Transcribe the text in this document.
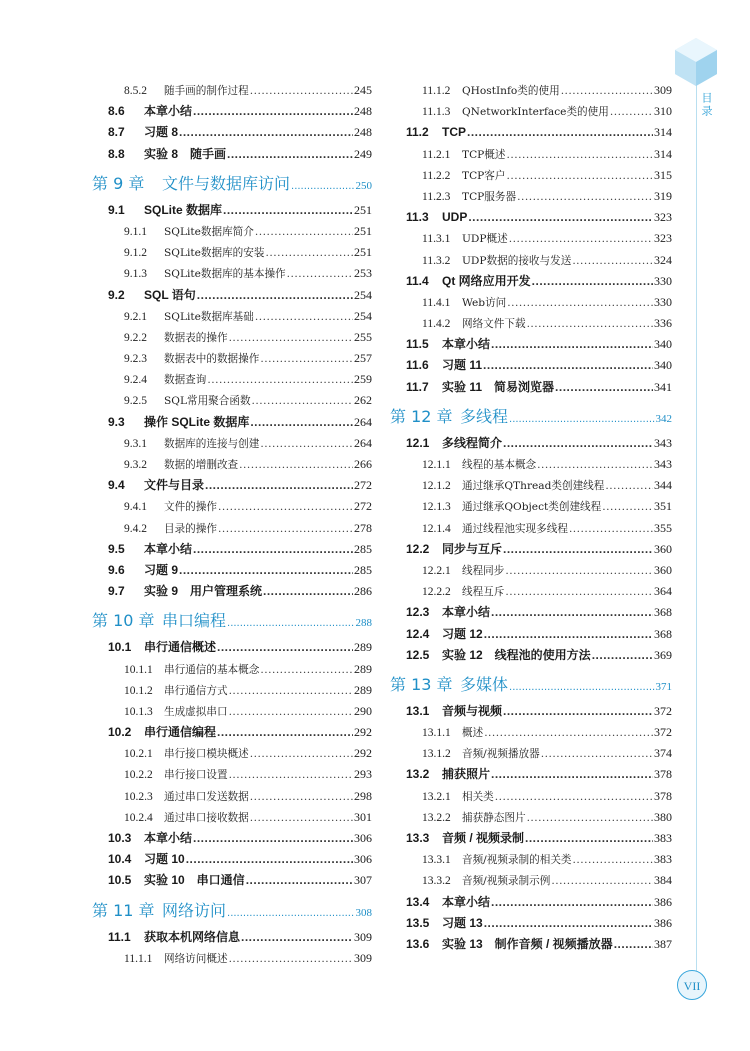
8.5.2	随手画的制作过程 .....	245
8.6	本章小结 .....	248
8.7	习题 8 .....	248
8.8	实验 8　随手画 .....	249
第 9 章	文件与数据库访问 .....	250
9.1	SQLite 数据库 .....	251
9.1.1	SQLite数据库简介 .....	251
9.1.2	SQLite数据库的安装 .....	251
9.1.3	SQLite数据库的基本操作 .....	253
9.2	SQL 语句 .....	254
9.2.1	SQLite数据库基础 .....	254
9.2.2	数据表的操作 .....	255
9.2.3	数据表中的数据操作 .....	257
9.2.4	数据查询 .....	259
9.2.5	SQL常用聚合函数 .....	262
9.3	操作 SQLite 数据库 .....	264
9.3.1	数据库的连接与创建 .....	264
9.3.2	数据的增删改查 .....	266
9.4	文件与目录 .....	272
9.4.1	文件的操作 .....	272
9.4.2	目录的操作 .....	278
9.5	本章小结 .....	285
9.6	习题 9 .....	285
9.7	实验 9　用户管理系统 .....	286
第 10 章 串口编程 .....	288
10.1	串行通信概述 .....	289
10.1.1	串行通信的基本概念 .....	289
10.1.2	串行通信方式 .....	289
10.1.3	生成虚拟串口 .....	290
10.2	串行通信编程 .....	292
10.2.1	串行接口模块概述 .....	292
10.2.2	串行接口设置 .....	293
10.2.3	通过串口发送数据 .....	298
10.2.4	通过串口接收数据 .....	301
10.3	本章小结 .....	306
10.4	习题 10 .....	306
10.5	实验 10　串口通信 .....	307
第 11 章 网络访问 .....	308
11.1	获取本机网络信息 .....	309
11.1.1	网络访问概述 .....	309
11.1.2	QHostInfo类的使用 .....	309
11.1.3	QNetworkInterface类的使用 .....	310
11.2	TCP .....	314
11.2.1	TCP概述 .....	314
11.2.2	TCP客户 .....	315
11.2.3	TCP服务器 .....	319
11.3	UDP .....	323
11.3.1	UDP概述 .....	323
11.3.2	UDP数据的接收与发送 .....	324
11.4	Qt 网络应用开发 .....	330
11.4.1	Web访问 .....	330
11.4.2	网络文件下载 .....	336
11.5	本章小结 .....	340
11.6	习题 11 .....	340
11.7	实验 11　简易浏览器 .....	341
第 12 章 多线程 .....	342
12.1	多线程简介 .....	343
12.1.1	线程的基本概念 .....	343
12.1.2	通过继承QThread类创建线程 .....	344
12.1.3	通过继承QObject类创建线程 .....	351
12.1.4	通过线程池实现多线程 .....	355
12.2	同步与互斥 .....	360
12.2.1	线程同步 .....	360
12.2.2	线程互斥 .....	364
12.3	本章小结 .....	368
12.4	习题 12 .....	368
12.5	实验 12　线程池的使用方法 .....	369
第 13 章 多媒体 .....	371
13.1	音频与视频 .....	372
13.1.1	概述 .....	372
13.1.2	音频/视频播放器 .....	374
13.2	捕获照片 .....	378
13.2.1	相关类 .....	378
13.2.2	捕获静态图片 .....	380
13.3	音频 / 视频录制 .....	383
13.3.1	音频/视频录制的相关类 .....	383
13.3.2	音频/视频录制示例 .....	384
13.4	本章小结 .....	386
13.5	习题 13 .....	386
13.6	实验 13　制作音频 / 视频播放器 .....	387
目录
VII
